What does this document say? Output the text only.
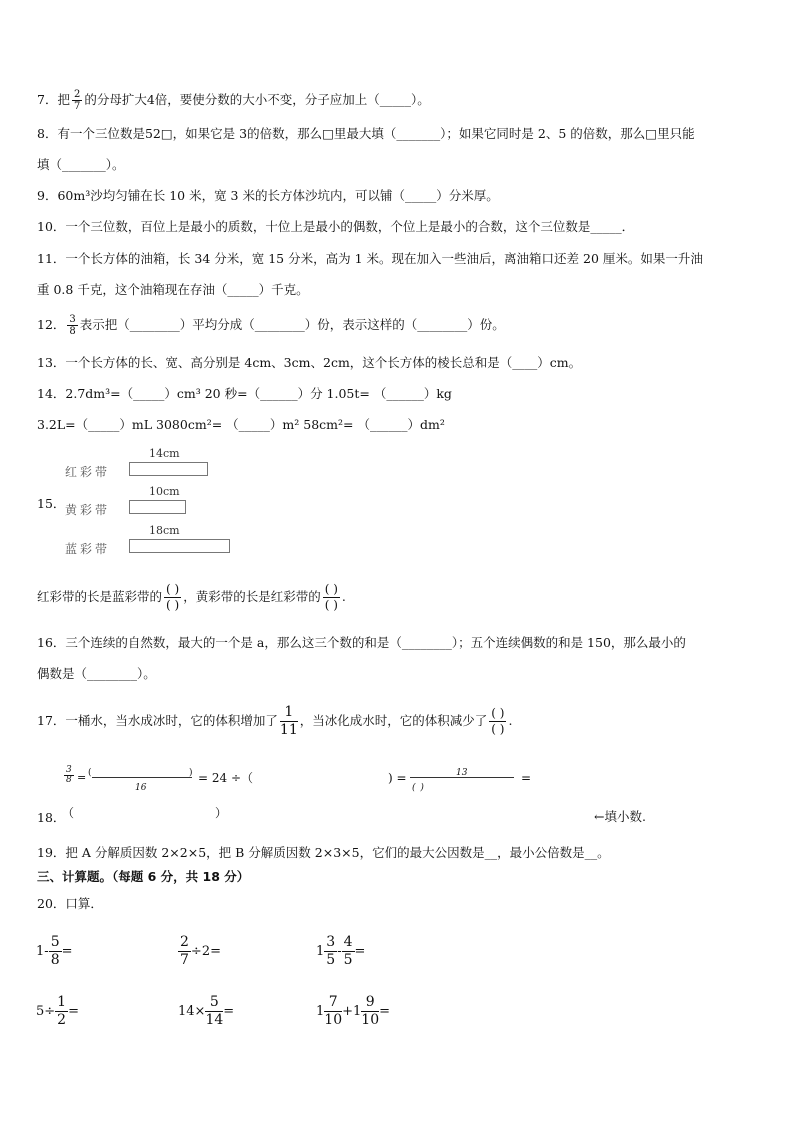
7．把 $\frac{2}{7}$ 的分母扩大4倍，要使分数的大小不变，分子应加上（_____）。
8．有一个三位数是52□，如果它是 3的倍数，那么□里最大填（_______）；如果它同时是 2、5 的倍数，那么□里只能
填（_______）。
9．60m³沙均匀铺在长 10 米，宽 3 米的长方体沙坑内，可以铺（_____）分米厚。
10．一个三位数，百位上是最小的质数，十位上是最小的偶数，个位上是最小的合数，这个三位数是_____．
11．一个长方体的油箱，长 34 分米，宽 15 分米，高为 1 米。现在加入一些油后，离油箱口还差 20 厘米。如果一升油
重 0.8 千克，这个油箱现在存油（_____）千克。
12． $\frac{3}{8}$ 表示把（________）平均分成（________）份，表示这样的（________）份。
13．一个长方体的长、宽、高分别是 4cm、3cm、2cm，这个长方体的棱长总和是（____）cm。
14．2.7dm³=（_____）cm³ 20 秒=（______）分 1.05t= （______）kg
3.2L=（_____）mL 3080cm²= （_____）m² 58cm²= （______）dm²
14cm
红彩带
15．
10cm
黄彩带
18cm
蓝彩带
红彩带的长是蓝彩带的 $\frac{( )}{( )}$ ，黄彩带的长是红彩带的 $\frac{( )}{( )}$ .
16．三个连续的自然数，最大的一个是 a，那么这三个数的和是（________）；五个连续偶数的和是 150，那么最小的
偶数是（________）。
17．一桶水，当水成冰时，它的体积增加了 $\frac{1}{11}$ ，当冰化成水时，它的体积减少了 $\frac{( )}{( )}$ .
$\frac{3}{8}$ = (	)
16
= 24 ÷（	) =	13
( )
=
18．
（	）	←填小数.
19．把 A 分解质因数 2×2×5，把 B 分解质因数 2×3×5，它们的最大公因数是__，最小公倍数是__。
三、计算题。（每题 6 分，共 18 分）
20．口算．
$1- \frac{5}{8}$ =	$\frac{2}{7} \div 2=$	$1 \frac{3}{5} - \frac{4}{5}$ =
$5\div \frac{1}{2}$ =	$14\times \frac{5}{14}$ =	$1 \frac{7}{10} +1 \frac{9}{10}$ =
